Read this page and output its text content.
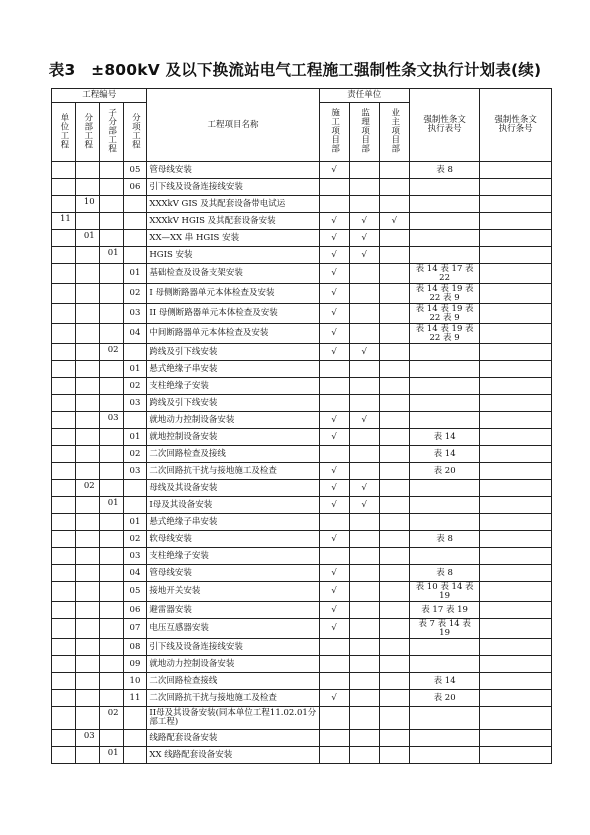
表3　±800kV 及以下换流站电气工程施工强制性条文执行计划表(续)
工程编号				工程项目名称	责任单位			强制性条文执行表号	强制性条文执行条号

单位工程	分部工程	子分部工程	分项工程		施工项目部	监理项目部	业主项目部		
			05	管母线安装	√			表 8	

			06	引下线及设备连接线安装					

	10			XXXkV GIS 及其配套设备带电试运					

11				XXXkV HGIS 及其配套设备安装	√	√	√	

	01			XX—XX 串 HGIS 安装	√	√		

		01		HGIS 安装	√	√		

			01	基础检查及设备支架安装	√			表 14 表 17 表 22	

			02	I 母侧断路器单元本体检查及安装	√			表 14 表 19 表 22 表 9	

			03	II 母侧断路器单元本体检查及安装	√			表 14 表 19 表 22 表 9	

			04	中间断路器单元本体检查及安装	√			表 14 表 19 表 22 表 9	

		02		跨线及引下线安装	√	√		

			01	悬式绝缘子串安装					

			02	支柱绝缘子安装					

			03	跨线及引下线安装					

		03		就地动力控制设备安装	√	√		

			01	就地控制设备安装	√			表 14	

			02	二次回路检查及接线				表 14	

			03	二次回路抗干扰与接地施工及检查	√			表 20	

	02			母线及其设备安装	√	√		

		01		I母及其设备安装	√	√		

			01	悬式绝缘子串安装					

			02	软母线安装	√			表 8	

			03	支柱绝缘子安装					

			04	管母线安装	√			表 8	

			05	接地开关安装	√			表 10 表 14 表 19	

			06	避雷器安装	√			表 17 表 19	

			07	电压互感器安装	√			表 7 表 14 表 19	

			08	引下线及设备连接线安装					

			09	就地动力控制设备安装					

			10	二次回路检查接线				表 14	

			11	二次回路抗干扰与接地施工及检查	√			表 20	

		02		II母及其设备安装(同本单位工程11.02.01分部工程)					

	03			线路配套设备安装					

		01		XX 线路配套设备安装					
